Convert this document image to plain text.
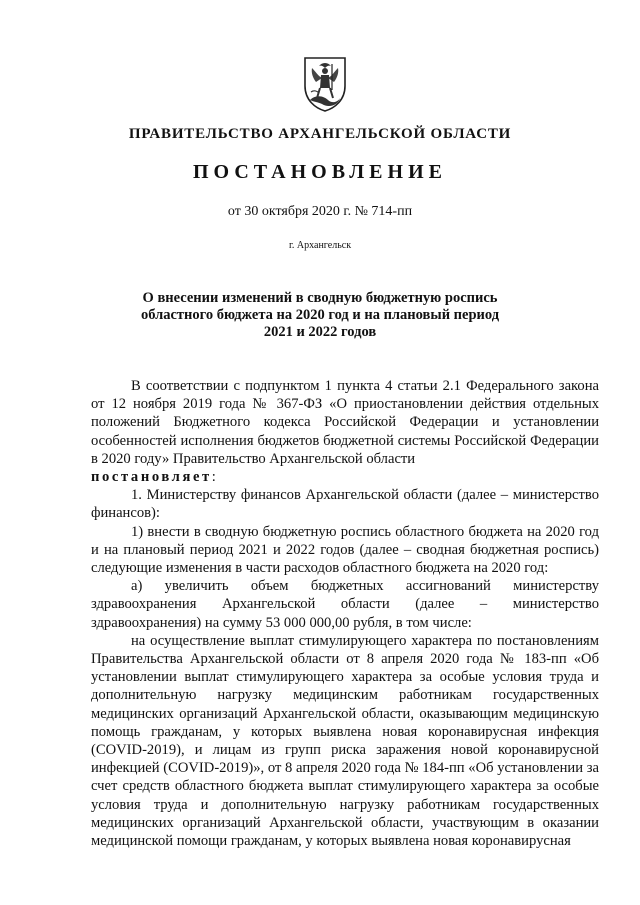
ПРАВИТЕЛЬСТВО АРХАНГЕЛЬСКОЙ ОБЛАСТИ
ПОСТАНОВЛЕНИЕ
от 30 октября 2020 г. № 714-пп
г. Архангельск
О внесении изменений в сводную бюджетную роспись
областного бюджета на 2020 год и на плановый период
2021 и 2022 годов

В соответствии с подпунктом 1 пункта 4 статьи 2.1 Федерального закона от 12 ноября 2019 года № 367-ФЗ «О приостановлении действия отдельных положений Бюджетного кодекса Российской Федерации и установлении особенностей исполнения бюджетов бюджетной системы Российской Федерации в 2020 году» Правительство Архангельской области
постановляет:

1. Министерству финансов Архангельской области (далее – министерство финансов):

1) внести в сводную бюджетную роспись областного бюджета на 2020 год и на плановый период 2021 и 2022 годов (далее – сводная бюджетная роспись) следующие изменения в части расходов областного бюджета на 2020 год:

а) увеличить объем бюджетных ассигнований министерству здравоохранения Архангельской области (далее – министерство здравоохранения) на сумму 53 000 000,00 рубля, в том числе:

на осуществление выплат стимулирующего характера по постановлениям Правительства Архангельской области от 8 апреля 2020 года № 183-пп «Об установлении выплат стимулирующего характера за особые условия труда и дополнительную нагрузку медицинским работникам государственных медицинских организаций Архангельской области, оказывающим медицинскую помощь гражданам, у которых выявлена новая коронавирусная инфекция (COVID-2019), и лицам из групп риска заражения новой коронавирусной инфекцией (COVID-2019)», от 8 апреля 2020 года № 184-пп «Об установлении за счет средств областного бюджета выплат стимулирующего характера за особые условия труда и дополнительную нагрузку работникам государственных медицинских организаций Архангельской области, участвующим в оказании медицинской помощи гражданам, у которых выявлена новая коронавирусная
